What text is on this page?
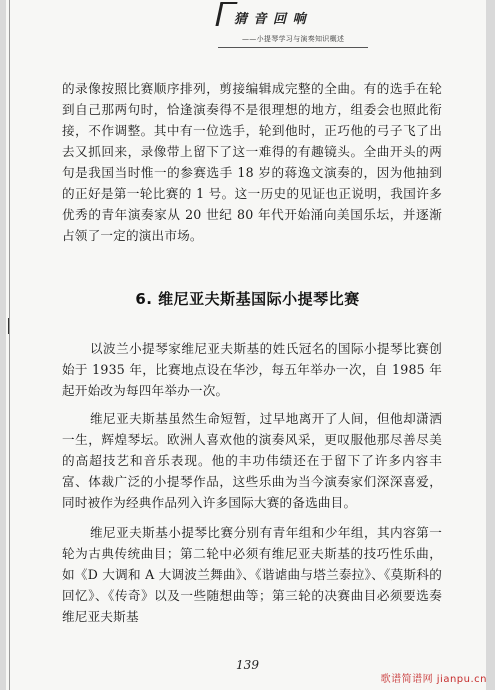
猜 音 回 响
——小提琴学习与演奏知识概述

的录像按照比赛顺序排列，剪接编辑成完整的全曲。有的选手在轮到自己那两句时，恰逢演奏得不是很理想的地方，组委会也照此衔接，不作调整。其中有一位选手，轮到他时，正巧他的弓子飞了出去又抓回来，录像带上留下了这一难得的有趣镜头。全曲开头的两句是我国当时惟一的参赛选手 18 岁的蒋逸文演奏的，因为他抽到的正好是第一轮比赛的 1 号。这一历史的见证也正说明，我国许多优秀的青年演奏家从 20 世纪 80 年代开始涌向美国乐坛，并逐渐占领了一定的演出市场。

6. 维尼亚夫斯基国际小提琴比赛

以波兰小提琴家维尼亚夫斯基的姓氏冠名的国际小提琴比赛创始于 1935 年，比赛地点设在华沙，每五年举办一次，自 1985 年起开始改为每四年举办一次。

维尼亚夫斯基虽然生命短暂，过早地离开了人间，但他却潇洒一生，辉煌琴坛。欧洲人喜欢他的演奏风采，更叹服他那尽善尽美的高超技艺和音乐表现。他的丰功伟绩还在于留下了许多内容丰富、体裁广泛的小提琴作品，这些乐曲为当今演奏家们深深喜爱，同时被作为经典作品列入许多国际大赛的备选曲目。

维尼亚夫斯基小提琴比赛分别有青年组和少年组，其内容第一轮为古典传统曲目；第二轮中必须有维尼亚夫斯基的技巧性乐曲，如《D 大调和 A 大调波兰舞曲》、《谐谑曲与塔兰泰拉》、《莫斯科的回忆》、《传奇》以及一些随想曲等；第三轮的决赛曲目必须要选奏维尼亚夫斯基

139
歌谱简谱网 jianpu.cn
